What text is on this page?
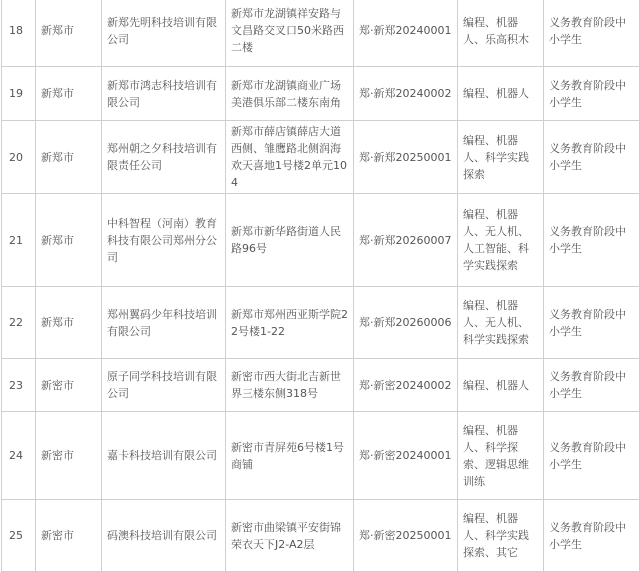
18	新郑市	新郑先明科技培训有限公司	新郑市龙湖镇祥安路与文昌路交叉口50米路西二楼	郑·新郑20240001	编程、机器人、乐高积木	义务教育阶段中小学生
19	新郑市	新郑市鸿志科技培训有限公司	新郑市龙湖镇商业广场美港俱乐部二楼东南角	郑·新郑20240002	编程、机器人	义务教育阶段中小学生
20	新郑市	郑州朝之夕科技培训有限责任公司	新郑市薛店镇薛店大道西侧、雏鹰路北侧润海欢天喜地1号楼2单元104	郑·新郑20250001	编程、机器人、科学实践探索	义务教育阶段中小学生
21	新郑市	中科智程（河南）教育科技有限公司郑州分公司	新郑市新华路街道人民路96号	郑·新郑20260007	编程、机器人、无人机、人工智能、科学实践探索	义务教育阶段中小学生
22	新郑市	郑州翼码少年科技培训有限公司	新郑市郑州西亚斯学院22号楼1-22	郑·新郑20260006	编程、机器人、无人机、科学实践探索	义务教育阶段中小学生
23	新密市	原子同学科技培训有限公司	新密市西大街北吉新世界三楼东侧318号	郑·新密20240002	编程、机器人	义务教育阶段中小学生
24	新密市	嘉卡科技培训有限公司	新密市青屏苑6号楼1号商铺	郑·新密20240001	编程、机器人、科学探索、逻辑思维训练	义务教育阶段中小学生
25	新密市	码澳科技培训有限公司	新密市曲梁镇平安街锦荣衣天下J2-A2层	郑·新密20250001	编程、机器人、科学实践探索、其它	义务教育阶段中小学生
